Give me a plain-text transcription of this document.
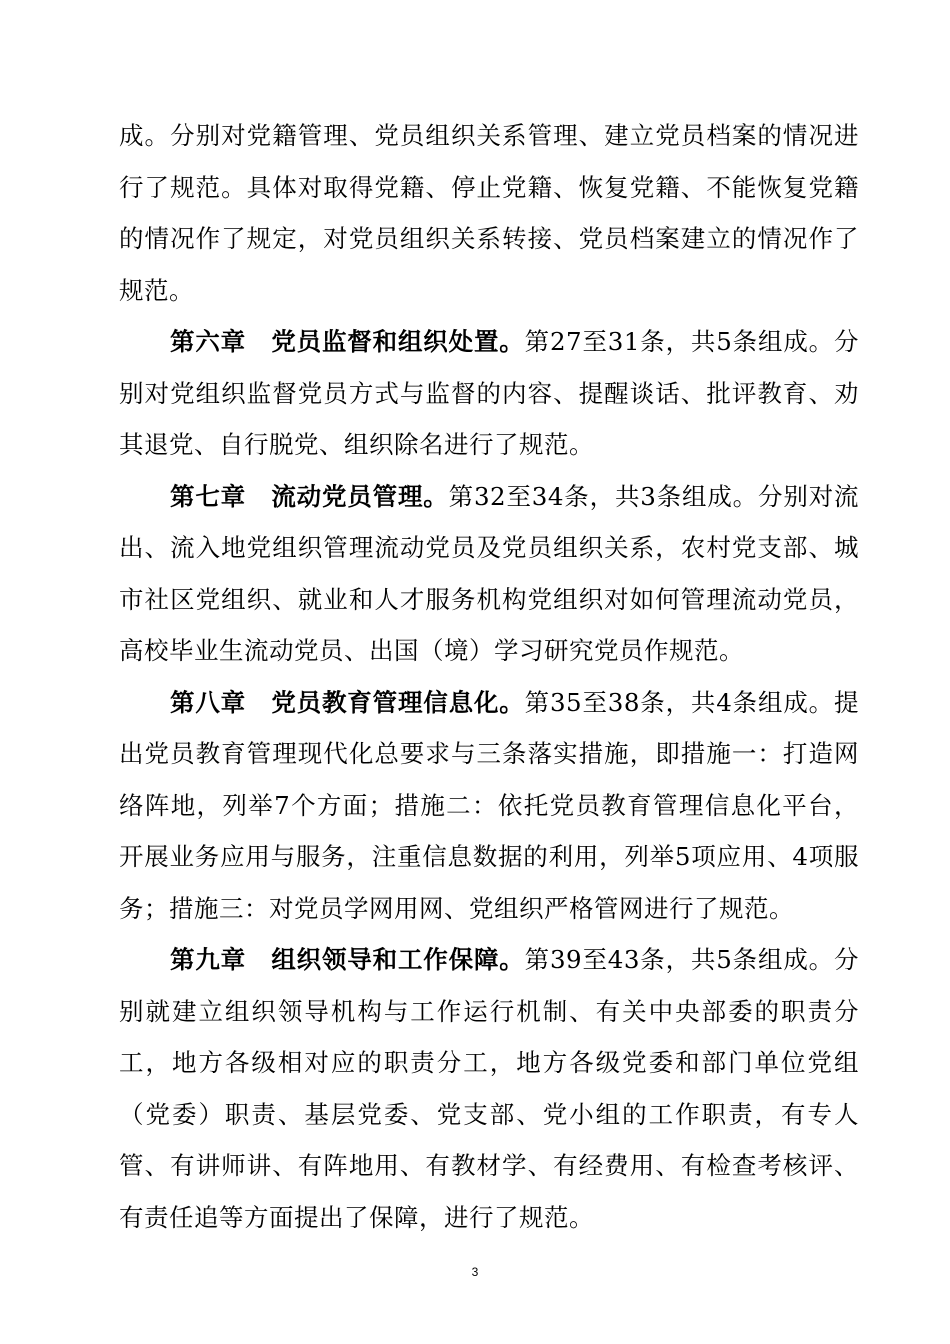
成。分别对党籍管理、党员组织关系管理、建立党员档案的情况进行了规范。具体对取得党籍、停止党籍、恢复党籍、不能恢复党籍的情况作了规定，对党员组织关系转接、党员档案建立的情况作了规范。

第六章　党员监督和组织处置。第27至31条，共5条组成。分别对党组织监督党员方式与监督的内容、提醒谈话、批评教育、劝其退党、自行脱党、组织除名进行了规范。

第七章　流动党员管理。第32至34条，共3条组成。分别对流出、流入地党组织管理流动党员及党员组织关系，农村党支部、城市社区党组织、就业和人才服务机构党组织对如何管理流动党员，高校毕业生流动党员、出国（境）学习研究党员作规范。

第八章　党员教育管理信息化。第35至38条，共4条组成。提出党员教育管理现代化总要求与三条落实措施，即措施一：打造网络阵地，列举7个方面；措施二：依托党员教育管理信息化平台，开展业务应用与服务，注重信息数据的利用，列举5项应用、4项服务；措施三：对党员学网用网、党组织严格管网进行了规范。

第九章　组织领导和工作保障。第39至43条，共5条组成。分别就建立组织领导机构与工作运行机制、有关中央部委的职责分工，地方各级相对应的职责分工，地方各级党委和部门单位党组（党委）职责、基层党委、党支部、党小组的工作职责，有专人管、有讲师讲、有阵地用、有教材学、有经费用、有检查考核评、有责任追等方面提出了保障，进行了规范。

3
